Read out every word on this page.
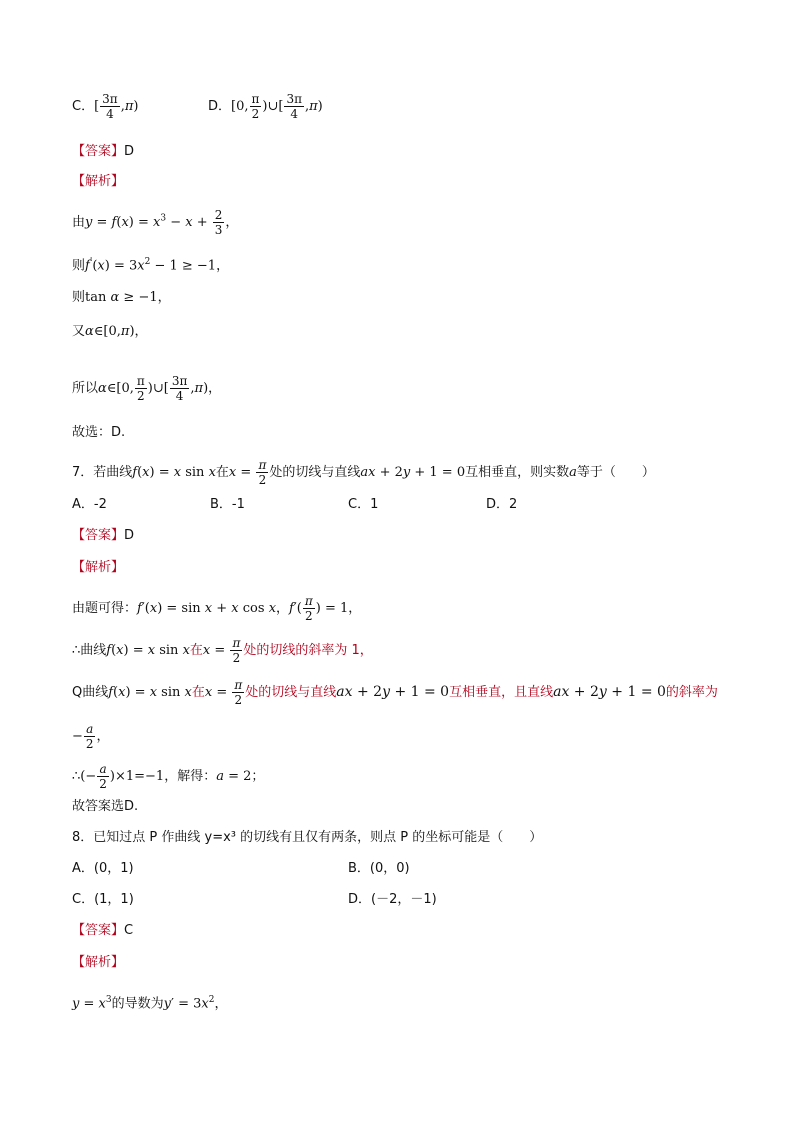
C．[ $\frac{3\pi}{4} ,\pi$)	D．[0, $\frac{\pi}{2}$ )∪[ $\frac{3\pi}{4} ,\pi$)
【答案】D
【解析】
由$y = f(x) = x^3 - x + \frac{2}{3}$ ，
则$f'(x) = 3x^2 - 1 \ge -1$，
则tan α ≥ −1，
又α∈[0,π)，
所以α∈[0, $\frac{\pi}{2}$ )∪[ $\frac{3\pi}{4} ,\pi$)，
故选：D.
7．若曲线f(x) = x sin x在$x = \frac{\pi}{2}$ 处的切线与直线ax + 2y + 1 = 0互相垂直，则实数a等于（　　）
A．-2	B．-1	C．1	D．2
【答案】D
【解析】
由题可得：f′(x) = sin x + x cos x，$f'( \frac{\pi}{2}$ ) = 1，
∴曲线f(x) = x sin x在$x = \frac{\pi}{2}$ 处的切线的斜率为 1，
Q曲线f(x) = x sin x在$x = \frac{\pi}{2}$ 处的切线与直线ax + 2y + 1 = 0互相垂直，且直线ax + 2y + 1 = 0的斜率为
− $\frac{a}{2}$ ，
∴(− $\frac{a}{2} )\times 1=-1$，解得：a = 2；
故答案选D.
8．已知过点 P 作曲线 y=x³ 的切线有且仅有两条，则点 P 的坐标可能是（　　）
A．(0，1)	B．(0，0)
C．(1，1)	D．(－2，－1)
【答案】C
【解析】
$y = x^3$的导数为$y' = 3x^2$，
